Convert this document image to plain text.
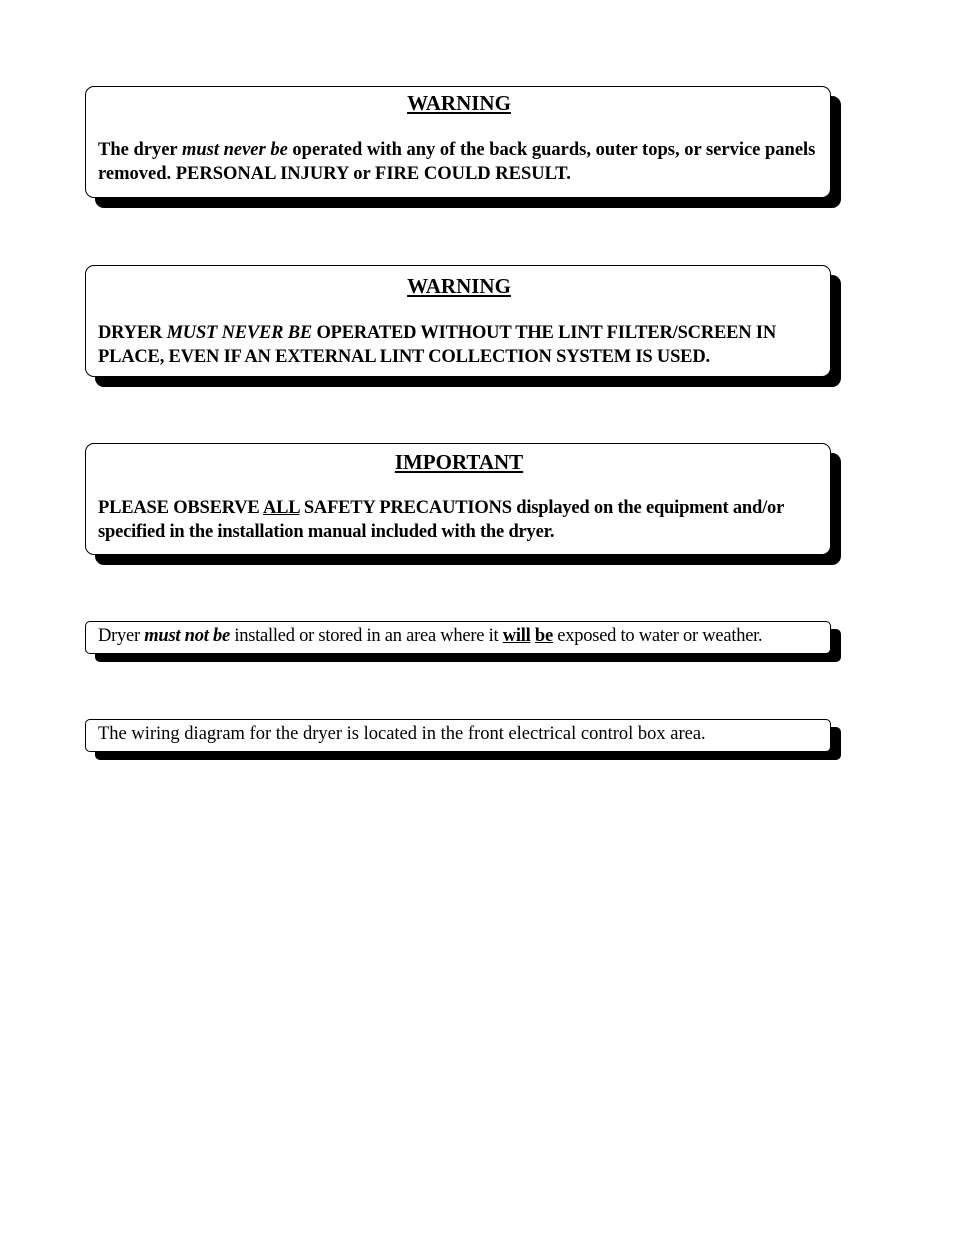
WARNING

The dryer must never be operated with any of the back guards, outer tops, or service panels removed. PERSONAL INJURY or FIRE COULD RESULT.

WARNING

DRYER MUST NEVER BE OPERATED WITHOUT THE LINT FILTER/SCREEN IN PLACE, EVEN IF AN EXTERNAL LINT COLLECTION SYSTEM IS USED.

IMPORTANT

PLEASE OBSERVE ALL SAFETY PRECAUTIONS displayed on the equipment and/or specified in the installation manual included with the dryer.

Dryer must not be installed or stored in an area where it will be exposed to water or weather.

The wiring diagram for the dryer is located in the front electrical control box area.
